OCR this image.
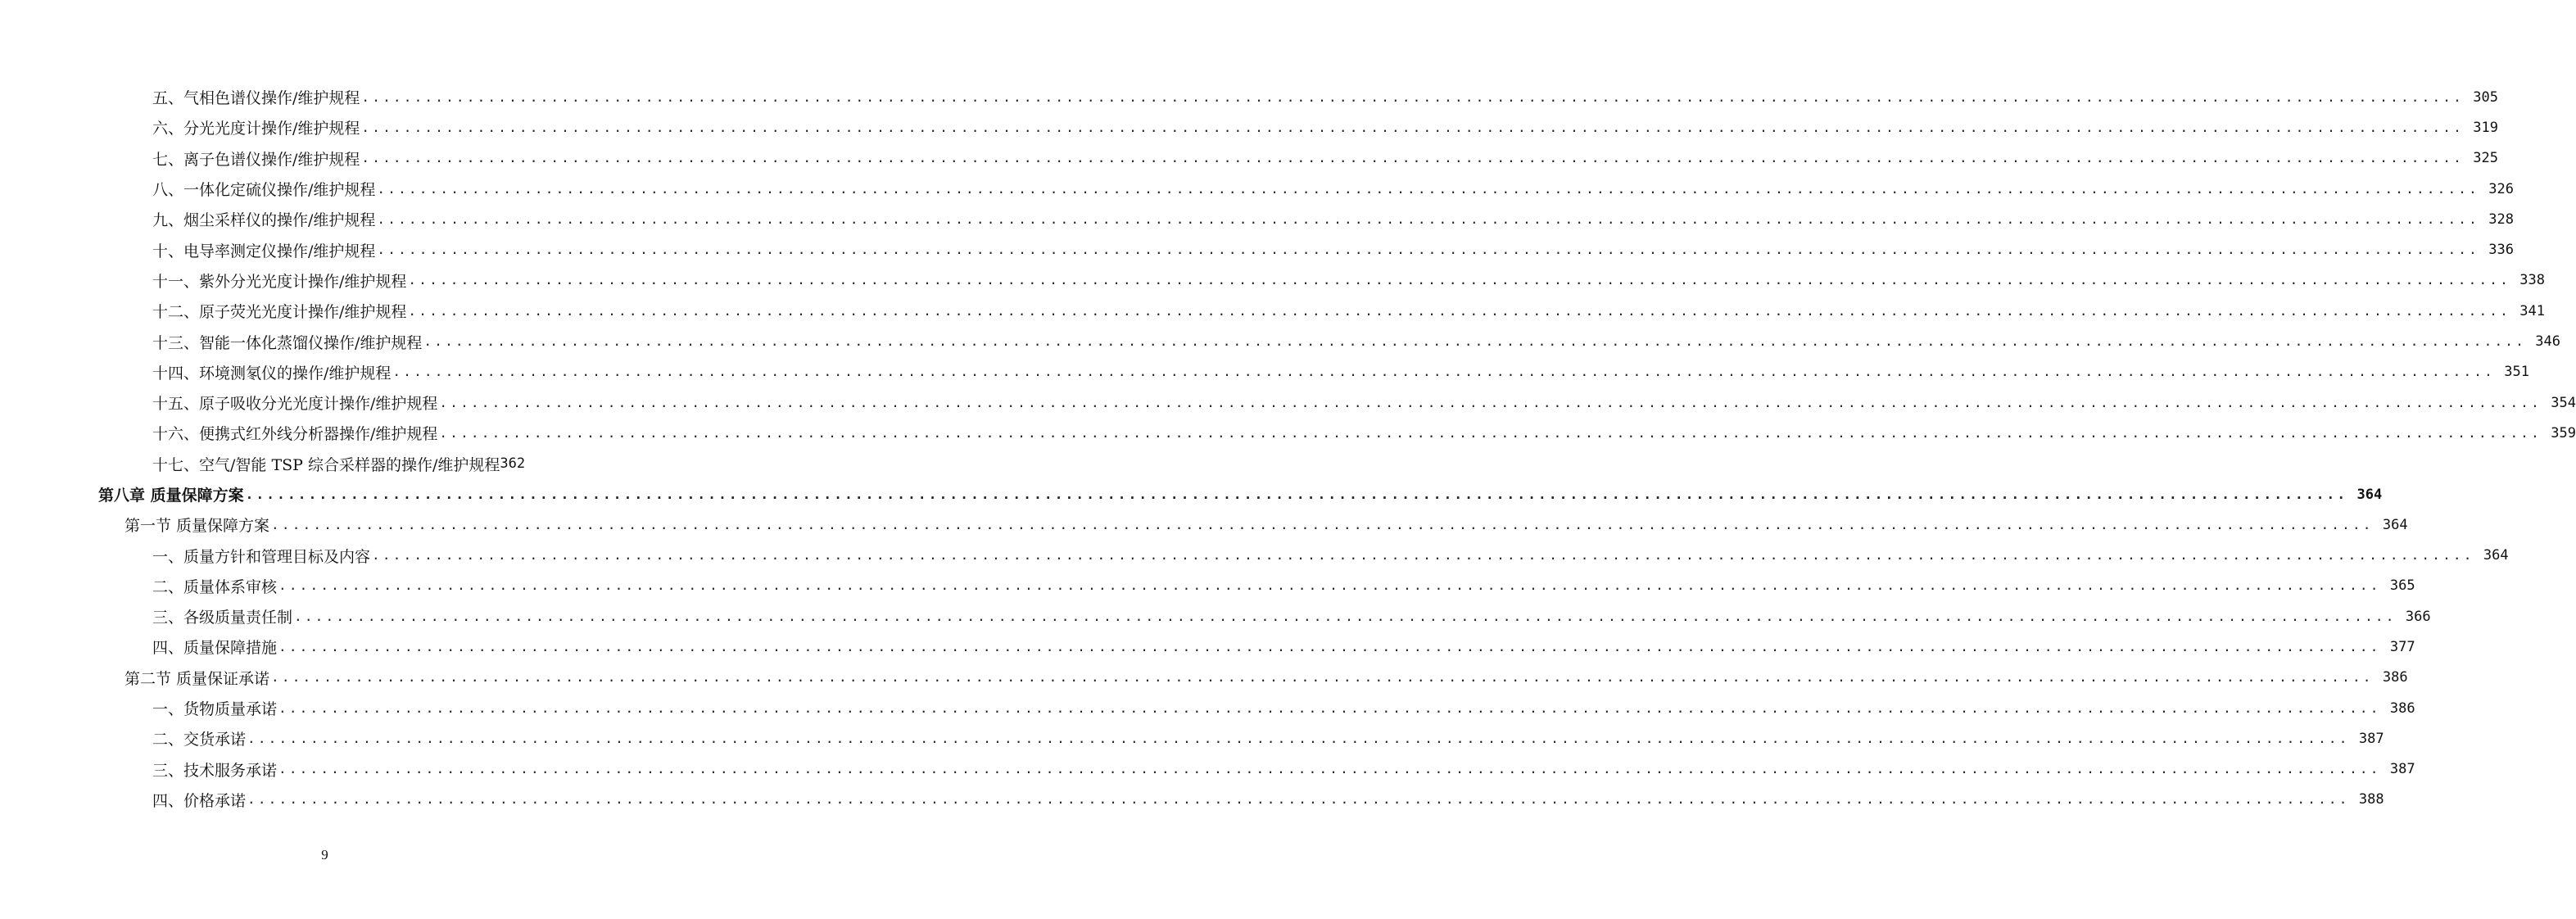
五、气相色谱仪操作/维护规程 ........................................................................................................................................................................................................ 305
六、分光光度计操作/维护规程 ........................................................................................................................................................................................................ 319
七、离子色谱仪操作/维护规程 ........................................................................................................................................................................................................ 325
八、一体化定硫仪操作/维护规程 ........................................................................................................................................................................................................ 326
九、烟尘采样仪的操作/维护规程 ........................................................................................................................................................................................................ 328
十、电导率测定仪操作/维护规程 ........................................................................................................................................................................................................ 336
十一、紫外分光光度计操作/维护规程 ........................................................................................................................................................................................................ 338
十二、原子荧光光度计操作/维护规程 ........................................................................................................................................................................................................ 341
十三、智能一体化蒸馏仪操作/维护规程 ........................................................................................................................................................................................................ 346
十四、环境测氡仪的操作/维护规程 ........................................................................................................................................................................................................ 351
十五、原子吸收分光光度计操作/维护规程 ........................................................................................................................................................................................................ 354
十六、便携式红外线分析器操作/维护规程 ........................................................................................................................................................................................................ 359
十七、空气/智能 TSP 综合采样器的操作/维护规程 362
第八章 质量保障方案 ........................................................................................................................................................................................................ 364
第一节 质量保障方案 ........................................................................................................................................................................................................ 364
一、质量方针和管理目标及内容 ........................................................................................................................................................................................................ 364
二、质量体系审核 ........................................................................................................................................................................................................ 365
三、各级质量责任制 ........................................................................................................................................................................................................ 366
四、质量保障措施 ........................................................................................................................................................................................................ 377
第二节 质量保证承诺 ........................................................................................................................................................................................................ 386
一、货物质量承诺 ........................................................................................................................................................................................................ 386
二、交货承诺 ........................................................................................................................................................................................................ 387
三、技术服务承诺 ........................................................................................................................................................................................................ 387
四、价格承诺 ........................................................................................................................................................................................................ 388
9
